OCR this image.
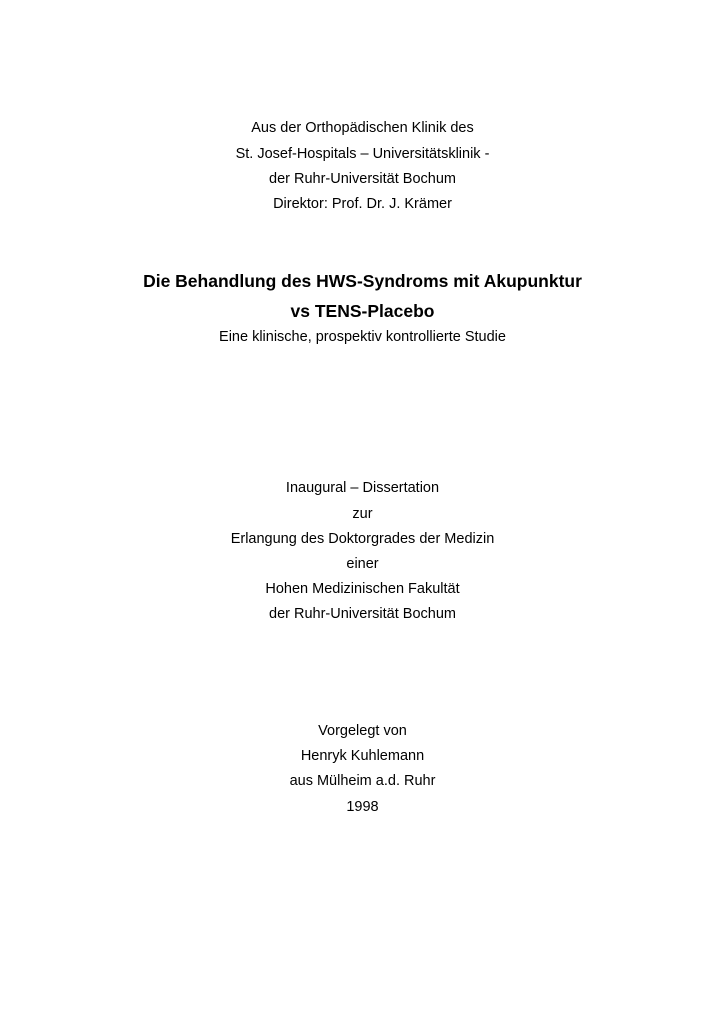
Aus der Orthopädischen Klinik des
St. Josef-Hospitals – Universitätsklinik -
der Ruhr-Universität Bochum
Direktor: Prof. Dr. J. Krämer
Die Behandlung des HWS-Syndroms mit Akupunktur
vs TENS-Placebo
Eine klinische, prospektiv kontrollierte Studie
Inaugural – Dissertation
zur
Erlangung des Doktorgrades der Medizin
einer
Hohen Medizinischen Fakultät
der Ruhr-Universität Bochum
Vorgelegt von
Henryk Kuhlemann
aus Mülheim a.d. Ruhr
1998
